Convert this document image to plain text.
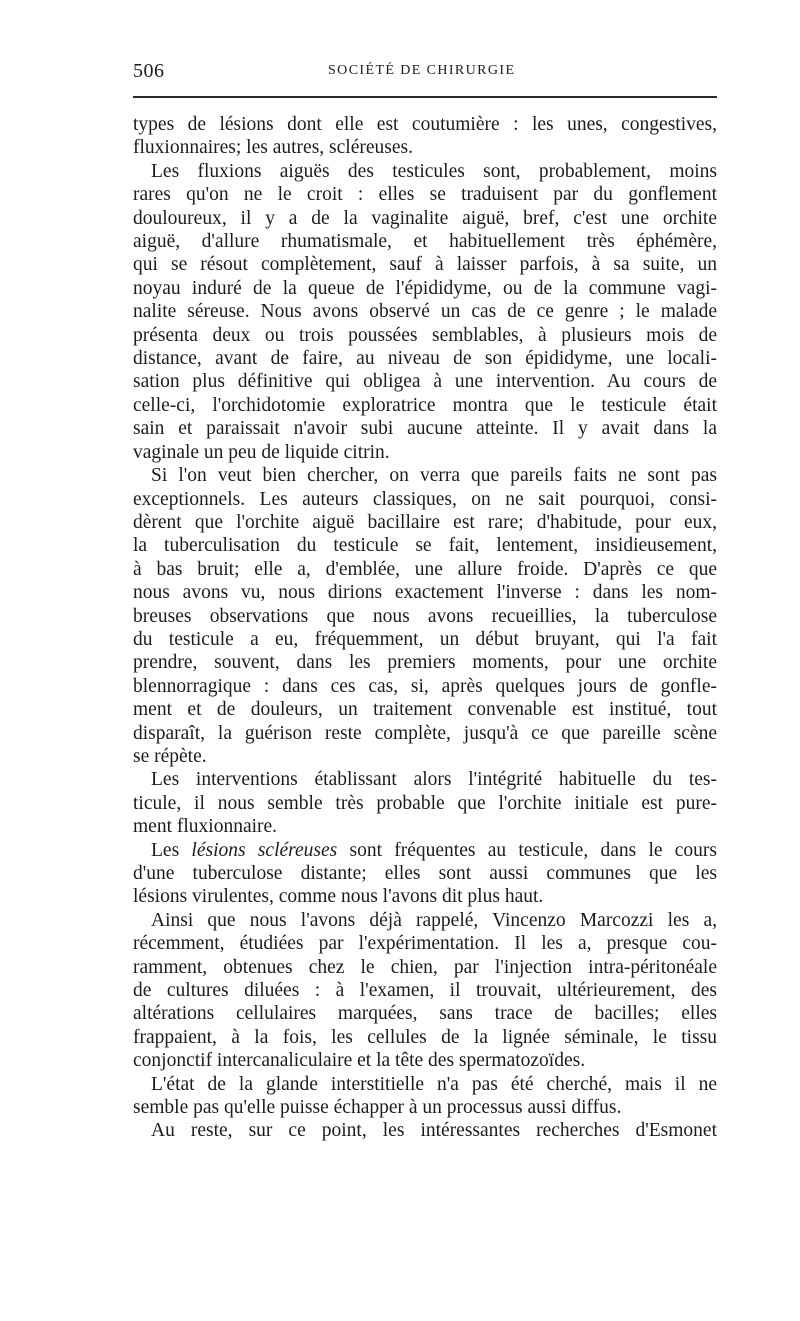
506	SOCIÉTÉ DE CHIRURGIE

types de lésions dont elle est coutumière : les unes, congestives,
fluxionnaires; les autres, scléreuses.

Les fluxions aiguës des testicules sont, probablement, moins
rares qu'on ne le croit : elles se traduisent par du gonflement
douloureux, il y a de la vaginalite aiguë, bref, c'est une orchite
aiguë, d'allure rhumatismale, et habituellement très éphémère,
qui se résout complètement, sauf à laisser parfois, à sa suite, un
noyau induré de la queue de l'épididyme, ou de la commune vagi-
nalite séreuse. Nous avons observé un cas de ce genre ; le malade
présenta deux ou trois poussées semblables, à plusieurs mois de
distance, avant de faire, au niveau de son épididyme, une locali-
sation plus définitive qui obligea à une intervention. Au cours de
celle-ci, l'orchidotomie exploratrice montra que le testicule était
sain et paraissait n'avoir subi aucune atteinte. Il y avait dans la
vaginale un peu de liquide citrin.

Si l'on veut bien chercher, on verra que pareils faits ne sont pas
exceptionnels. Les auteurs classiques, on ne sait pourquoi, consi-
dèrent que l'orchite aiguë bacillaire est rare; d'habitude, pour eux,
la tuberculisation du testicule se fait, lentement, insidieusement,
à bas bruit; elle a, d'emblée, une allure froide. D'après ce que
nous avons vu, nous dirions exactement l'inverse : dans les nom-
breuses observations que nous avons recueillies, la tuberculose
du testicule a eu, fréquemment, un début bruyant, qui l'a fait
prendre, souvent, dans les premiers moments, pour une orchite
blennorragique : dans ces cas, si, après quelques jours de gonfle-
ment et de douleurs, un traitement convenable est institué, tout
disparaît, la guérison reste complète, jusqu'à ce que pareille scène
se répète.

Les interventions établissant alors l'intégrité habituelle du tes-
ticule, il nous semble très probable que l'orchite initiale est pure-
ment fluxionnaire.

Les lésions scléreuses sont fréquentes au testicule, dans le cours
d'une tuberculose distante; elles sont aussi communes que les
lésions virulentes, comme nous l'avons dit plus haut.

Ainsi que nous l'avons déjà rappelé, Vincenzo Marcozzi les a,
récemment, étudiées par l'expérimentation. Il les a, presque cou-
ramment, obtenues chez le chien, par l'injection intra-péritonéale
de cultures diluées : à l'examen, il trouvait, ultérieurement, des
altérations cellulaires marquées, sans trace de bacilles; elles
frappaient, à la fois, les cellules de la lignée séminale, le tissu
conjonctif intercanaliculaire et la tête des spermatozoïdes.

L'état de la glande interstitielle n'a pas été cherché, mais il ne
semble pas qu'elle puisse échapper à un processus aussi diffus.

Au reste, sur ce point, les intéressantes recherches d'Esmonet
